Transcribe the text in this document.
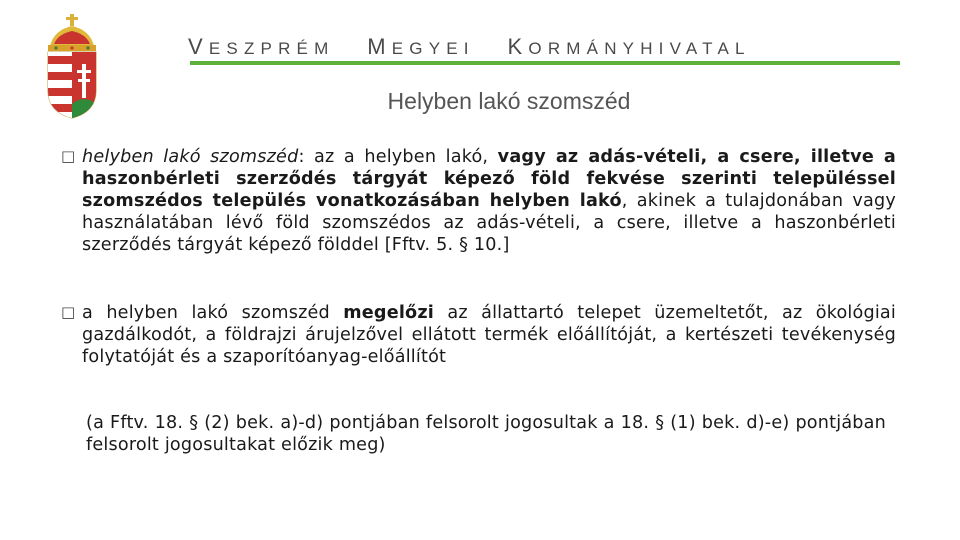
VESZPRÉM MEGYEI KORMÁNYHIVATAL
Helyben lakó szomszéd
□ helyben lakó szomszéd: az a helyben lakó, vagy az adás-vételi, a csere, illetve a haszonbérleti szerződés tárgyát képező föld fekvése szerinti településsel szomszédos település vonatkozásában helyben lakó, akinek a tulajdonában vagy használatában lévő föld szomszédos az adás-vételi, a csere, illetve a haszonbérleti szerződés tárgyát képező földdel [Fftv. 5. § 10.]
□ a helyben lakó szomszéd megelőzi az állattartó telepet üzemeltetőt, az ökológiai gazdálkodót, a földrajzi árujelzővel ellátott termék előállítóját, a kertészeti tevékenység folytatóját és a szaporítóanyag-előállítót
(a Fftv. 18. § (2) bek. a)-d) pontjában felsorolt jogosultak a 18. § (1) bek. d)-e) pontjában felsorolt jogosultakat előzik meg)
